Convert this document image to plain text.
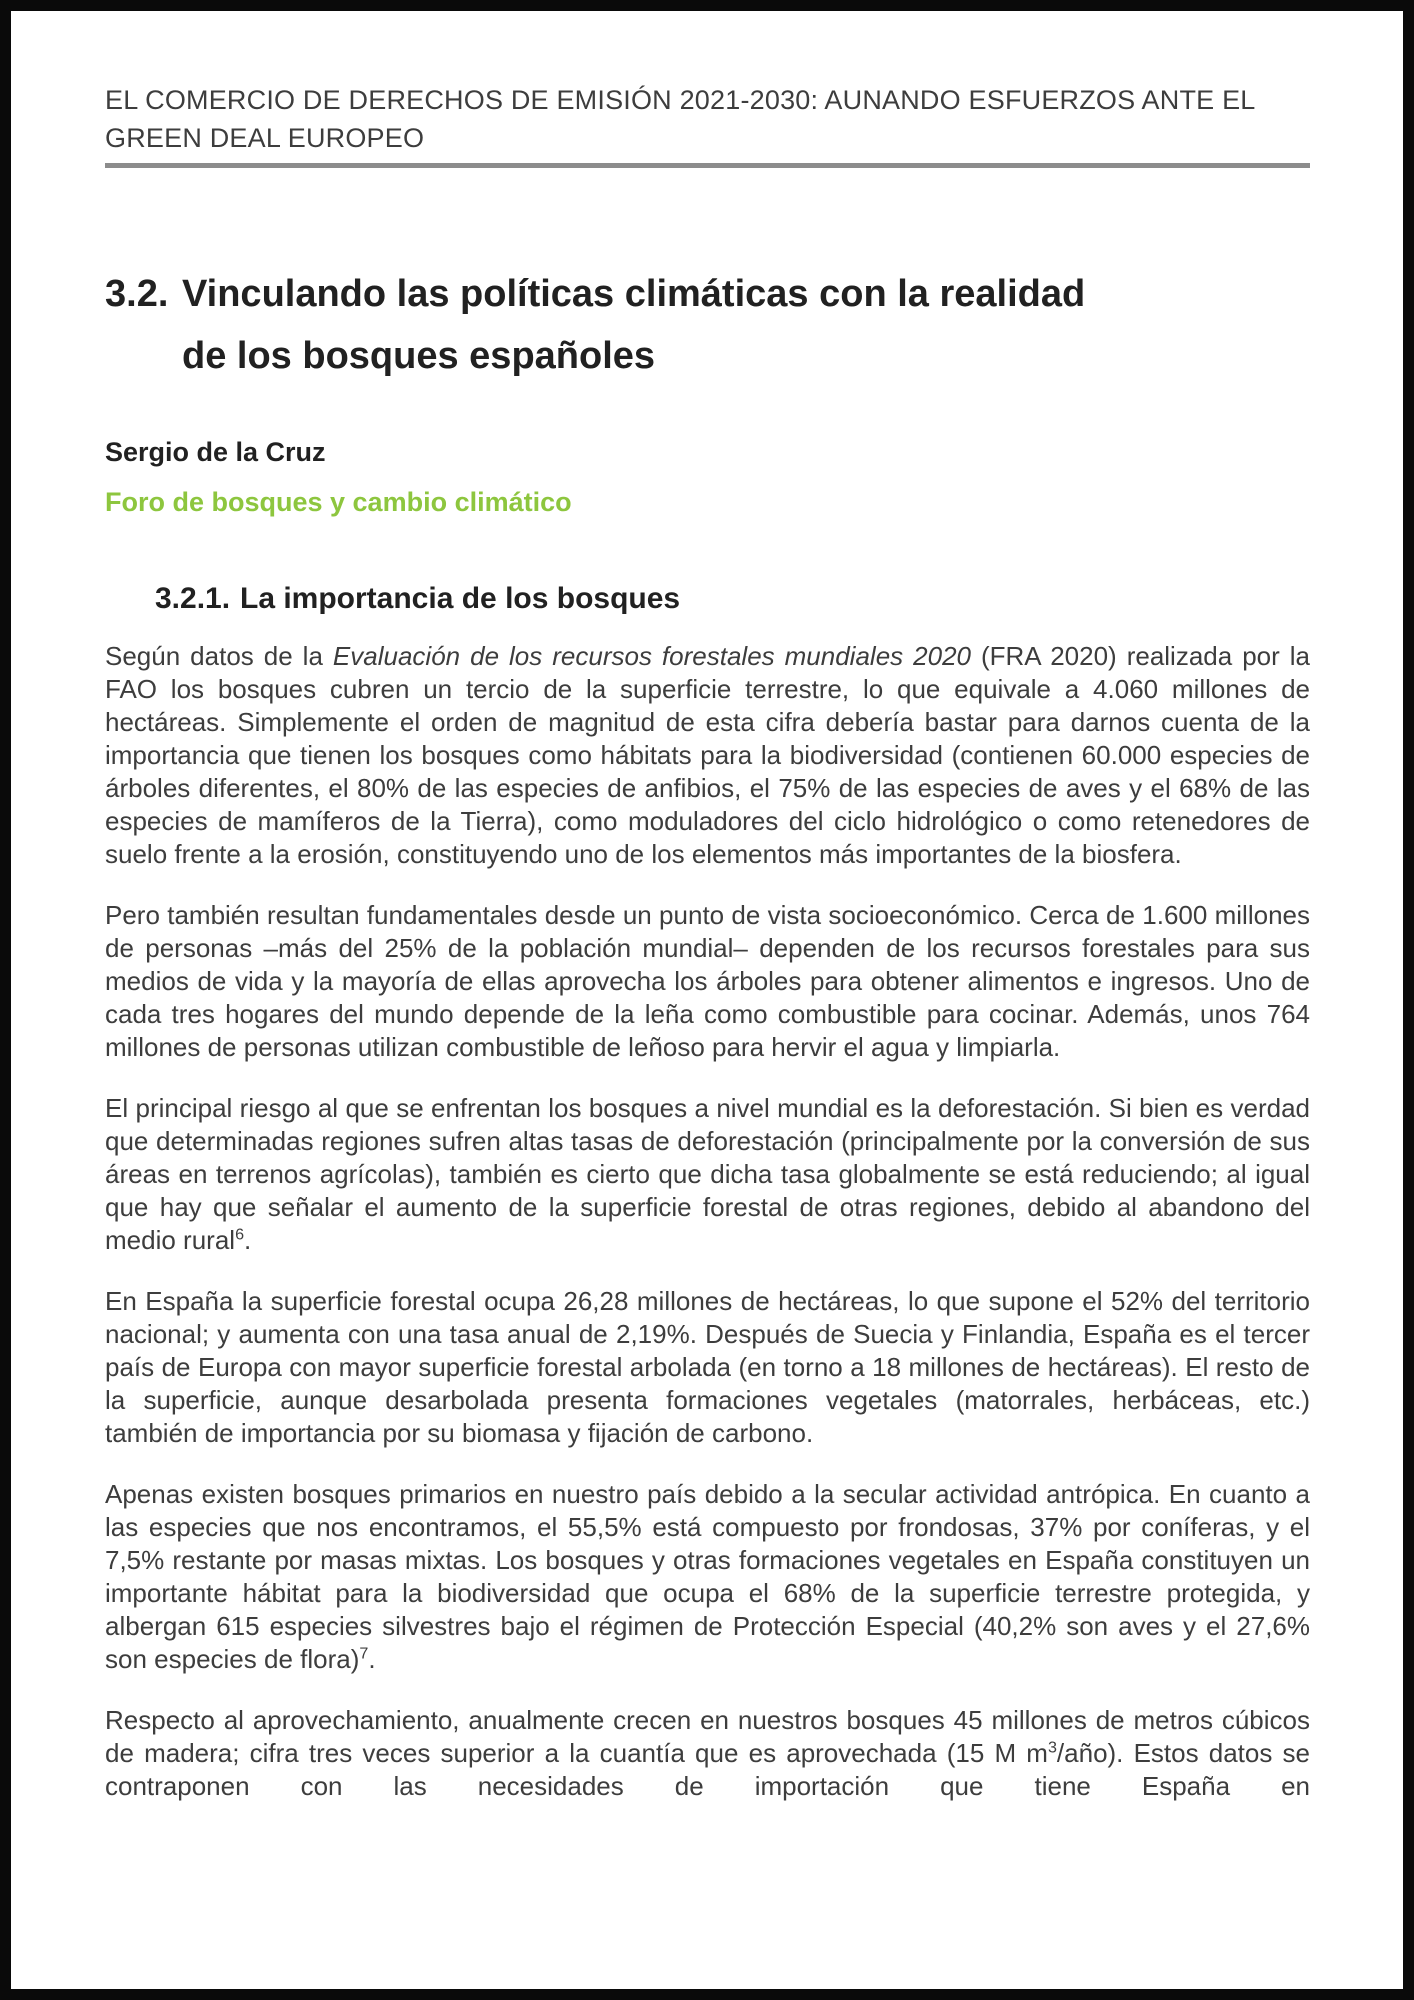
EL COMERCIO DE DERECHOS DE EMISIÓN 2021-2030: AUNANDO ESFUERZOS ANTE EL
GREEN DEAL EUROPEO
3.2. Vinculando las políticas climáticas con la realidad
de los bosques españoles
Sergio de la Cruz
Foro de bosques y cambio climático
3.2.1. La importancia de los bosques

Según datos de la Evaluación de los recursos forestales mundiales 2020 (FRA 2020) realizada por la FAO los bosques cubren un tercio de la superficie terrestre, lo que equivale a 4.060 millones de hectáreas. Simplemente el orden de magnitud de esta cifra debería bastar para darnos cuenta de la importancia que tienen los bosques como hábitats para la biodiversidad (contienen 60.000 especies de árboles diferentes, el 80% de las especies de anfibios, el 75% de las especies de aves y el 68% de las especies de mamíferos de la Tierra), como moduladores del ciclo hidrológico o como retenedores de suelo frente a la erosión, constituyendo uno de los elementos más importantes de la biosfera.

Pero también resultan fundamentales desde un punto de vista socioeconómico. Cerca de 1.600 millones de personas –más del 25% de la población mundial– dependen de los recursos forestales para sus medios de vida y la mayoría de ellas aprovecha los árboles para obtener alimentos e ingresos. Uno de cada tres hogares del mundo depende de la leña como combustible para cocinar. Además, unos 764 millones de personas utilizan combustible de leñoso para hervir el agua y limpiarla.

El principal riesgo al que se enfrentan los bosques a nivel mundial es la deforestación. Si bien es verdad que determinadas regiones sufren altas tasas de deforestación (principalmente por la conversión de sus áreas en terrenos agrícolas), también es cierto que dicha tasa globalmente se está reduciendo; al igual que hay que señalar el aumento de la superficie forestal de otras regiones, debido al abandono del medio rural$^6$.

En España la superficie forestal ocupa 26,28 millones de hectáreas, lo que supone el 52% del territorio nacional; y aumenta con una tasa anual de 2,19%. Después de Suecia y Finlandia, España es el tercer país de Europa con mayor superficie forestal arbolada (en torno a 18 millones de hectáreas). El resto de la superficie, aunque desarbolada presenta formaciones vegetales (matorrales, herbáceas, etc.) también de importancia por su biomasa y fijación de carbono.

Apenas existen bosques primarios en nuestro país debido a la secular actividad antrópica. En cuanto a las especies que nos encontramos, el 55,5% está compuesto por frondosas, 37% por coníferas, y el 7,5% restante por masas mixtas. Los bosques y otras formaciones vegetales en España constituyen un importante hábitat para la biodiversidad que ocupa el 68% de la superficie terrestre protegida, y albergan 615 especies silvestres bajo el régimen de Protección Especial (40,2% son aves y el 27,6% son especies de flora)$^7$.

Respecto al aprovechamiento, anualmente crecen en nuestros bosques 45 millones de metros cúbicos de madera; cifra tres veces superior a la cuantía que es aprovechada (15 M $m^3/año$). Estos datos se contraponen con las necesidades de importación que tiene España en
